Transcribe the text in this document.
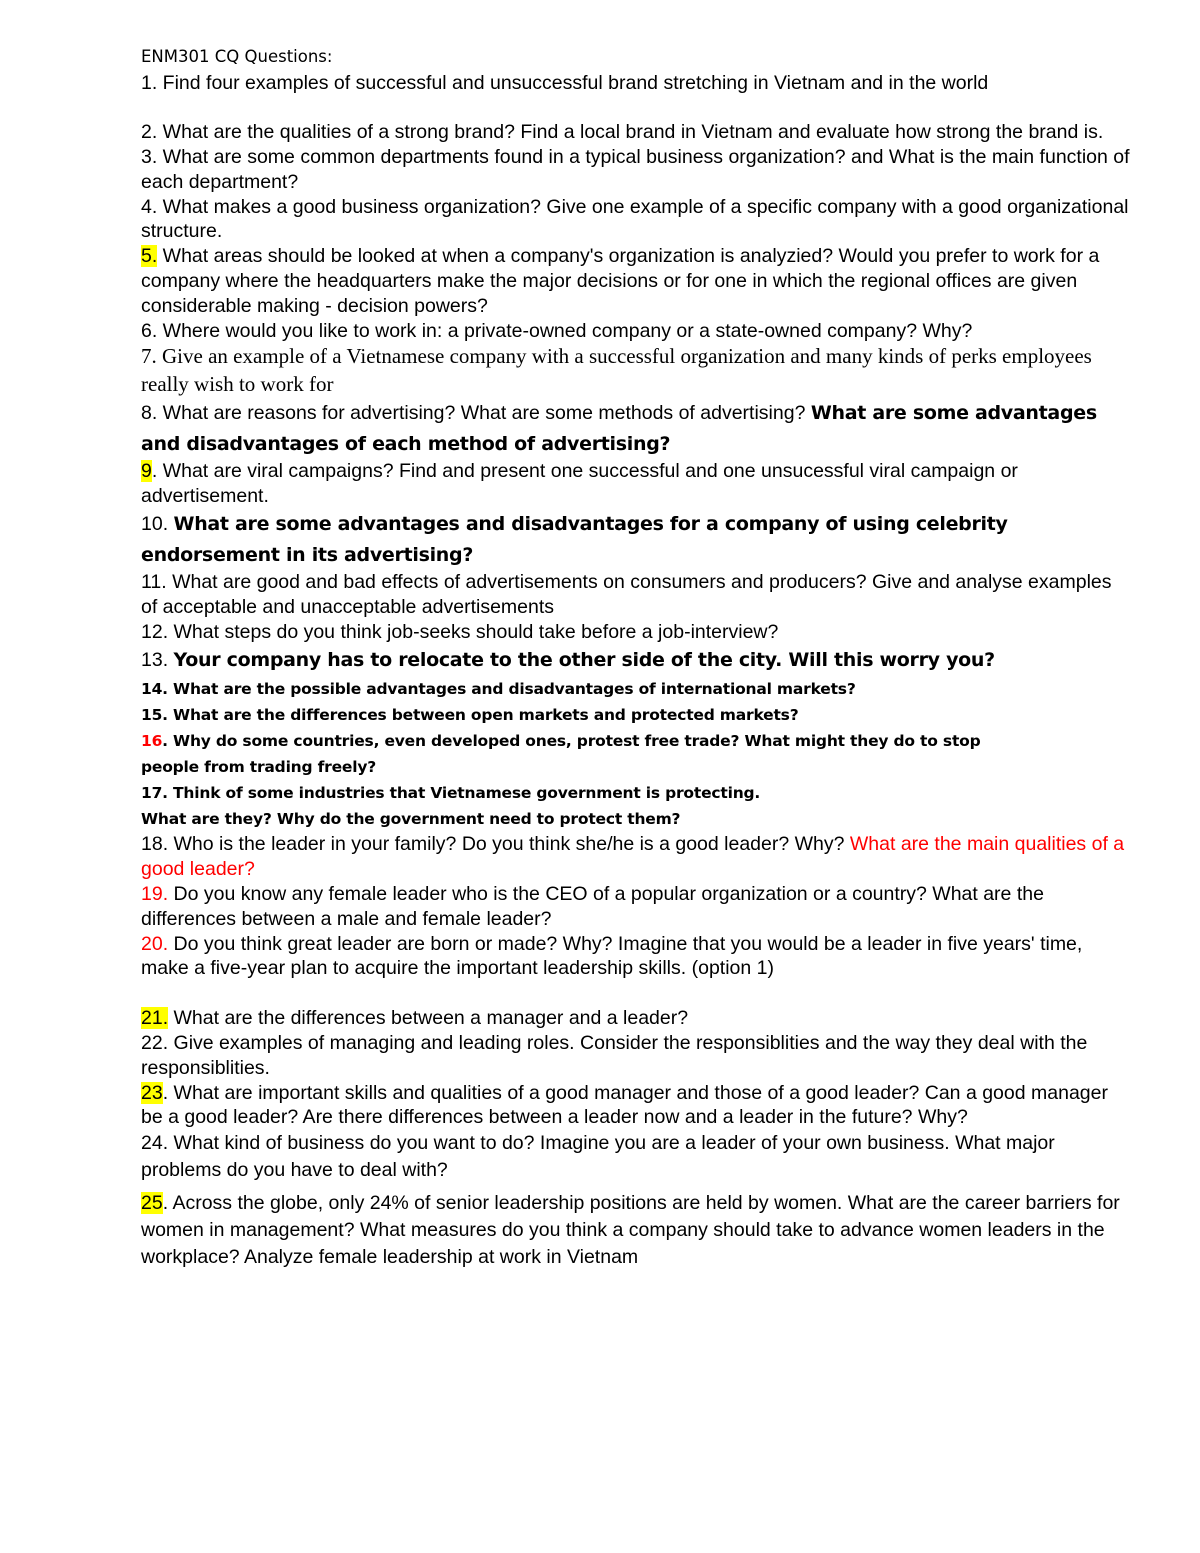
ENM301 CQ Questions:

1. Find four examples of successful and unsuccessful brand stretching in Vietnam and in the world

2. What are the qualities of a strong brand? Find a local brand in Vietnam and evaluate how strong the brand is.

3. What are some common departments found in a typical business organization? and What is the main function of each department?

4. What makes a good business organization? Give one example of a specific company with a good organizational structure.

5. What areas should be looked at when a company's organization is analyzied? Would you prefer to work for a company where the headquarters make the major decisions or for one in which the regional offices are given considerable making - decision powers?

6. Where would you like to work in: a private-owned company or a state-owned company? Why?

7. Give an example of a Vietnamese company with a successful organization and many kinds of perks employees really wish to work for

8. What are reasons for advertising? What are some methods of advertising? What are some advantages and disadvantages of each method of advertising?

9. What are viral campaigns? Find and present one successful and one unsucessful viral campaign or advertisement.

10. What are some advantages and disadvantages for a company of using celebrity endorsement in its advertising?

11. What are good and bad effects of advertisements on consumers and producers? Give and analyse examples of acceptable and unacceptable advertisements

12. What steps do you think job-seeks should take before a job-interview?

13. Your company has to relocate to the other side of the city. Will this worry you?

14. What are the possible advantages and disadvantages of international markets?

15. What are the differences between open markets and protected markets?

16. Why do some countries, even developed ones, protest free trade? What might they do to stop
people from trading freely?

17. Think of some industries that Vietnamese government is protecting.
What are they? Why do the government need to protect them?

18. Who is the leader in your family? Do you think she/he is a good leader? Why? What are the main qualities of a good leader?

19. Do you know any female leader who is the CEO of a popular organization or a country? What are the differences between a male and female leader?

20. Do you think great leader are born or made? Why? Imagine that you would be a leader in five years' time, make a five-year plan to acquire the important leadership skills. (option 1)

21. What are the differences between a manager and a leader?

22. Give examples of managing and leading roles. Consider the responsiblities and the way they deal with the responsiblities.

23. What are important skills and qualities of a good manager and those of a good leader? Can a good manager be a good leader? Are there differences between a leader now and a leader in the future? Why?

24. What kind of business do you want to do? Imagine you are a leader of your own business. What major problems do you have to deal with?

25. Across the globe, only 24% of senior leadership positions are held by women. What are the career barriers for women in management? What measures do you think a company should take to advance women leaders in the workplace? Analyze female leadership at work in Vietnam
